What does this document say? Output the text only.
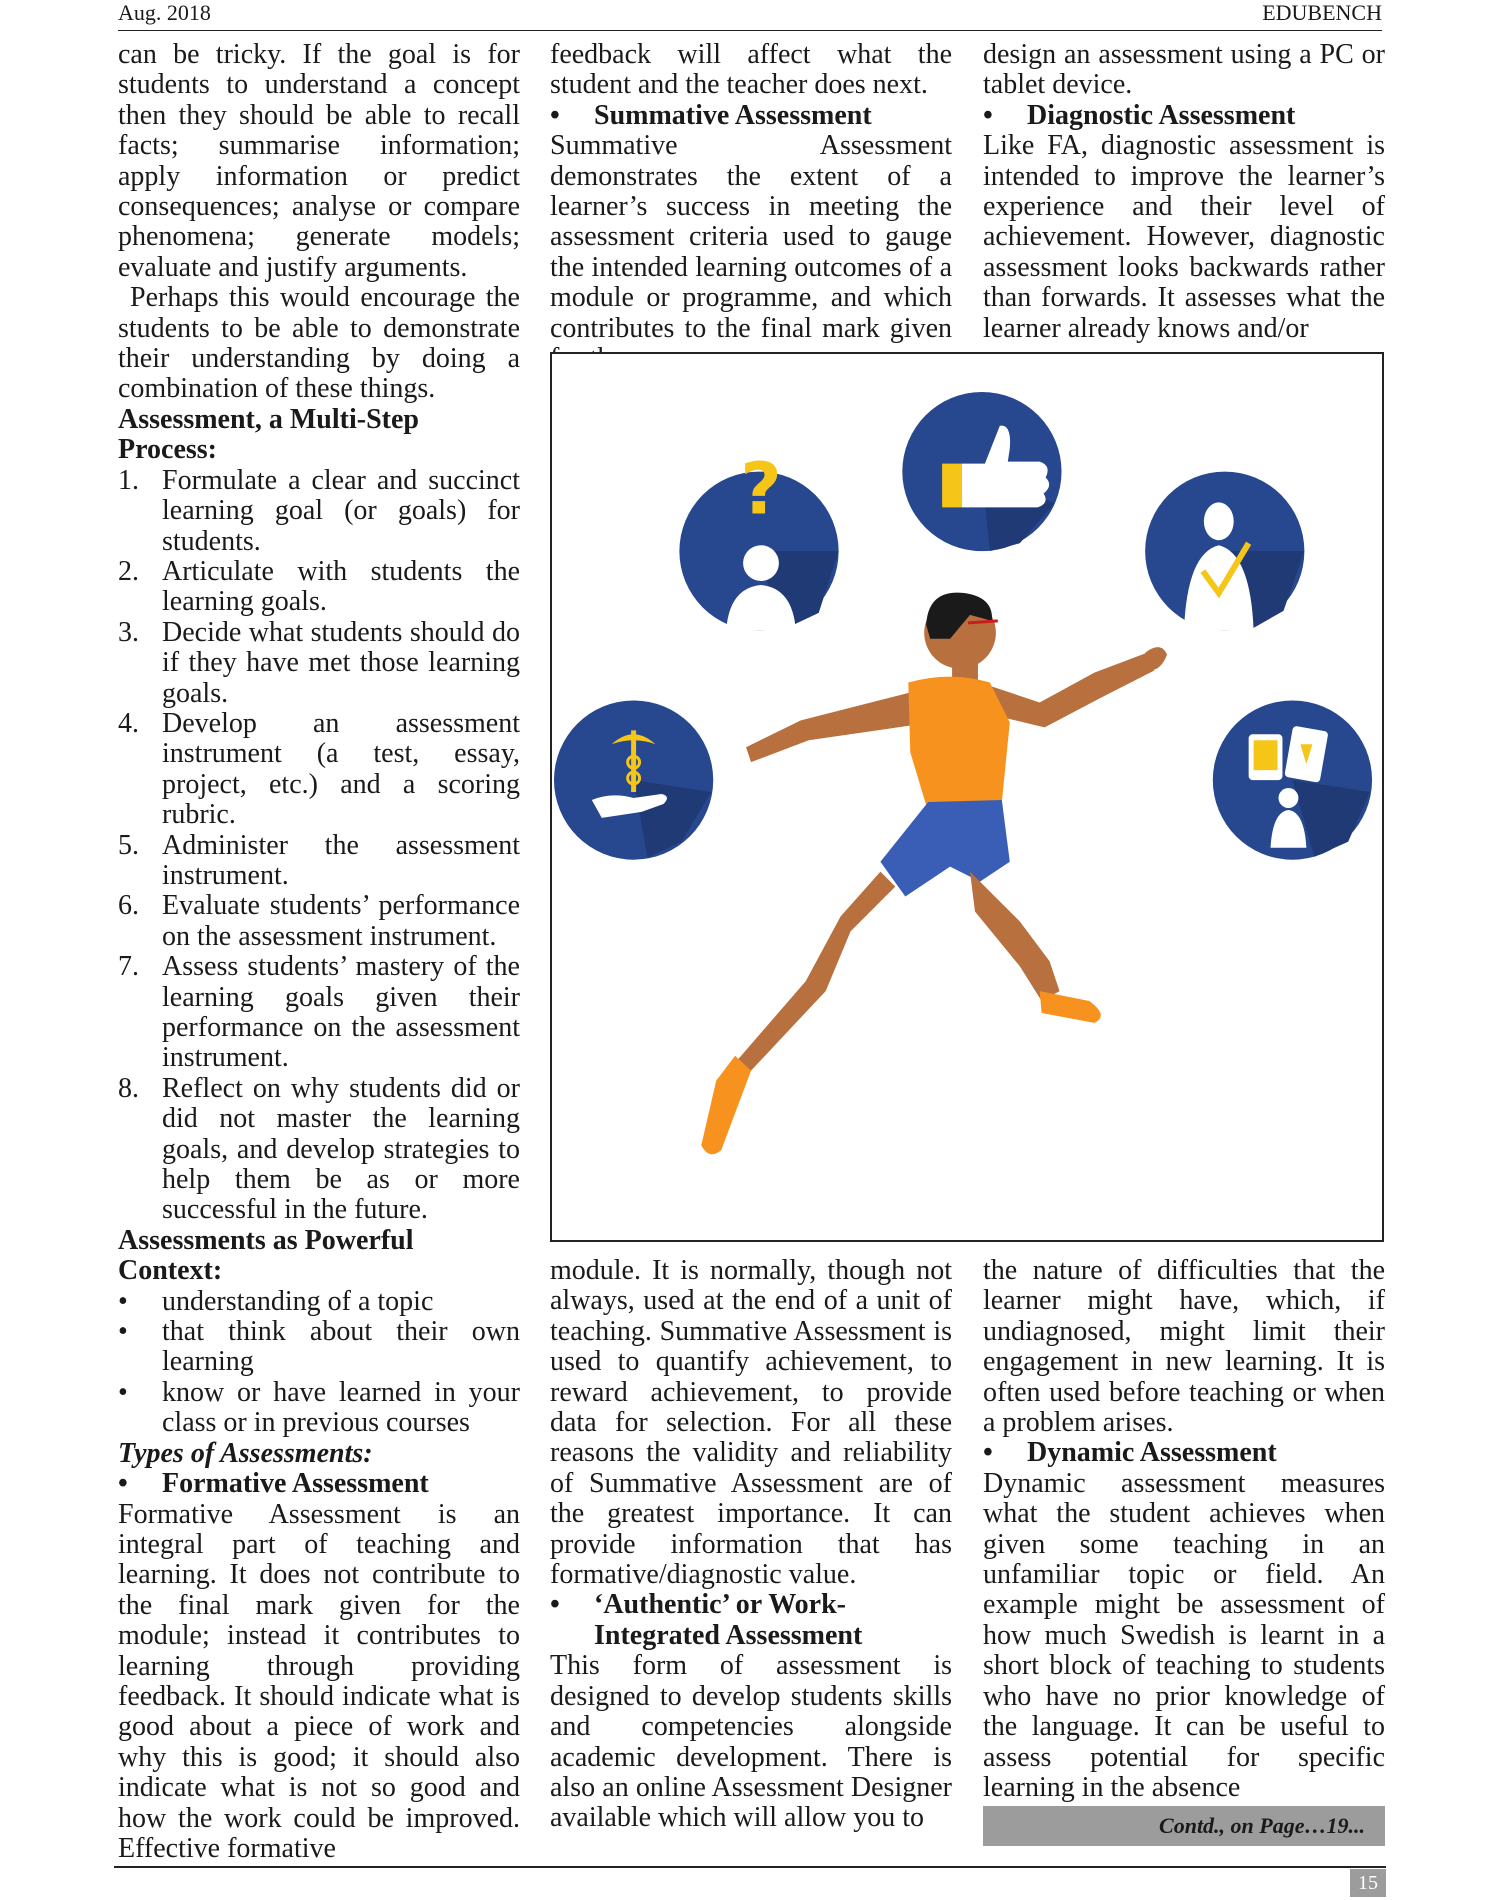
Aug. 2018	EDUBENCH

can be tricky. If the goal is for students to understand a concept then they should be able to recall facts; summarise information; apply information or predict consequences; analyse or compare phenomena; generate models; evaluate and justify arguments.

Perhaps this would encourage the students to be able to demonstrate their understanding by doing a combination of these things.

Assessment, a Multi-Step Process:

1. Formulate a clear and succinct learning goal (or goals) for students.
2. Articulate with students the learning goals.
3. Decide what students should do if they have met those learning goals.
4. Develop an assessment instrument (a test, essay, project, etc.) and a scoring rubric.
5. Administer the assessment instrument.
6. Evaluate students’ performance on the assessment instrument.
7. Assess students’ mastery of the learning goals given their performance on the assessment instrument.
8. Reflect on why students did or did not master the learning goals, and develop strategies to help them be as or more successful in the future.

Assessments as Powerful Context:

•	understanding of a topic
•	that think about their own learning
•	know or have learned in your class or in previous courses

Types of Assessments:

•	Formative Assessment

Formative Assessment is an integral part of teaching and learning. It does not contribute to the final mark given for the module; instead it contributes to learning through providing feedback. It should indicate what is good about a piece of work and why this is good; it should also indicate what is not so good and how the work could be improved. Effective formative

feedback will affect what the student and the teacher does next.

•	Summative Assessment

Summative Assessment demonstrates the extent of a learner’s success in meeting the assessment criteria used to gauge the intended learning outcomes of a module or programme, and which contributes to the final mark given

design an assessment using a PC or tablet device.

•	Diagnostic Assessment

Like FA, diagnostic assessment is intended to improve the learner’s experience and their level of achievement. However, diagnostic assessment looks backwards rather than forwards. It assesses what the learner already knows and/or

?

module. It is normally, though not always, used at the end of a unit of teaching. Summative Assessment is used to quantify achievement, to reward achievement, to provide data for selection. For all these reasons the validity and reliability of Summative Assessment are of the greatest importance. It can provide information that has formative/diagnostic value.

•	‘Authentic’ or Work-Integrated Assessment

This form of assessment is designed to develop students skills and competencies alongside academic development. There is also an online Assessment Designer available which will allow you to

the nature of difficulties that the learner might have, which, if undiagnosed, might limit their engagement in new learning. It is often used before teaching or when a problem arises.

•	Dynamic Assessment

Dynamic assessment measures what the student achieves when given some teaching in an unfamiliar topic or field. An example might be assessment of how much Swedish is learnt in a short block of teaching to students who have no prior knowledge of the language. It can be useful to assess potential for specific learning in the absence

Contd., on Page…19...
15
